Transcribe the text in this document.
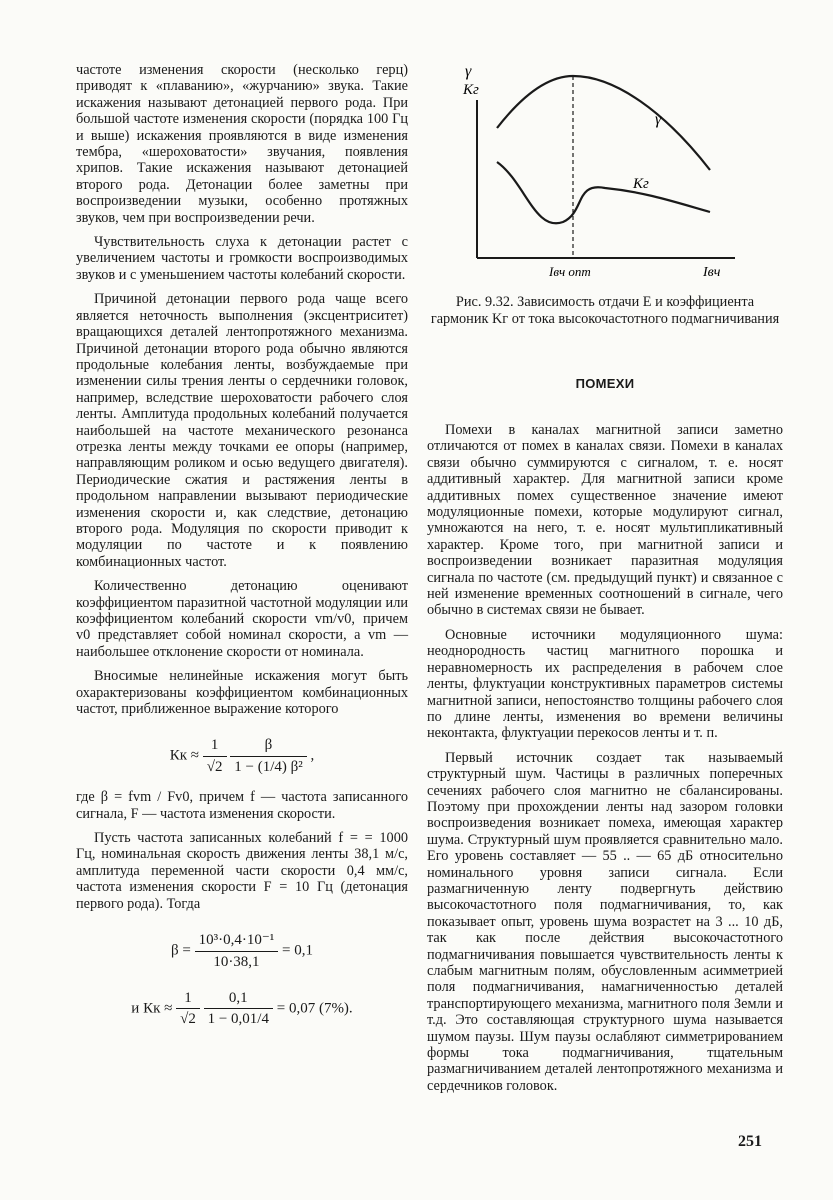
частоте изменения скорости (несколько герц) приводят к «плаванию», «журчанию» звука. Такие искажения называют детонацией первого рода. При большой частоте изменения скорости (порядка 100 Гц и выше) искажения проявляются в виде изменения тембра, «шероховатости» звучания, появления хрипов. Такие искажения называют детонацией второго рода. Детонации более заметны при воспроизведении музыки, особенно протяжных звуков, чем при воспроизведении речи.

Чувствительность слуха к детонации растет с увеличением частоты и громкости воспроизводимых звуков и с уменьшением частоты колебаний скорости.

Причиной детонации первого рода чаще всего является неточность выполнения (эксцентриситет) вращающихся деталей лентопротяжного механизма. Причиной детонации второго рода обычно являются продольные колебания ленты, возбуждаемые при изменении силы трения ленты о сердечники головок, например, вследствие шероховатости рабочего слоя ленты. Амплитуда продольных колебаний получается наибольшей на частоте механического резонанса отрезка ленты между точками ее опоры (например, направляющим роликом и осью ведущего двигателя). Периодические сжатия и растяжения ленты в продольном направлении вызывают периодические изменения скорости и, как следствие, детонацию второго рода. Модуляция по скорости приводит к модуляции по частоте и к появлению комбинационных частот.

Количественно детонацию оценивают коэффициентом паразитной частотной модуляции или коэффициентом колебаний скорости vm/v0, причем v0 представляет собой номинал скорости, а vm — наибольшее отклонение скорости от номинала.

Вносимые нелинейные искажения могут быть охарактеризованы коэффициентом комбинационных частот, приближенное выражение которого

Кк ≈ $\frac{1}{√2}$
$\frac{\beta}{\text{1 − (1/4) β²}}$ ,

где β = fvm / Fv0, причем f — частота записанного сигнала, F — частота изменения скорости.

Пусть частота записанных колебаний f = = 1000 Гц, номинальная скорость движения ленты 38,1 м/с, амплитуда переменной части скорости 0,4 мм/с, частота изменения скорости F = 10 Гц (детонация первого рода). Тогда

$\beta = \frac{\text{10³·0,4·10⁻¹}}{10\cdot 38,1} = 0,1$
и Кк ≈ $\frac{1}{√2}$
$\frac{0,1}{1 - 0,01/4} = 0,07$ (7%).
γ
Kг
γ
Kг
Iвч опт	Iвч
Рис. 9.32. Зависимость отдачи E и коэффициента гармоник Kг от тока высокочастотного подмагничивания
ПОМЕХИ

Помехи в каналах магнитной записи заметно отличаются от помех в каналах связи. Помехи в каналах связи обычно суммируются с сигналом, т. е. носят аддитивный характер. Для магнитной записи кроме аддитивных помех существенное значение имеют модуляционные помехи, которые модулируют сигнал, умножаются на него, т. е. носят мультипликативный характер. Кроме того, при магнитной записи и воспроизведении возникает паразитная модуляция сигнала по частоте (см. предыдущий пункт) и связанное с ней изменение временных соотношений в сигнале, чего обычно в системах связи не бывает.

Основные источники модуляционного шума: неоднородность частиц магнитного порошка и неравномерность их распределения в рабочем слое ленты, флуктуации конструктивных параметров системы магнитной записи, непостоянство толщины рабочего слоя по длине ленты, изменения во времени величины неконтакта, флуктуации перекосов ленты и т. п.

Первый источник создает так называемый структурный шум. Частицы в различных поперечных сечениях рабочего слоя магнитно не сбалансированы. Поэтому при прохождении ленты над зазором головки воспроизведения возникает помеха, имеющая характер шума. Структурный шум проявляется сравнительно мало. Его уровень составляет — 55 .. — 65 дБ относительно номинального уровня записи сигнала. Если размагниченную ленту подвергнуть действию высокочастотного поля подмагничивания, то, как показывает опыт, уровень шума возрастет на 3 ... 10 дБ, так как после действия высокочастотного подмагничивания повышается чувствительность ленты к слабым магнитным полям, обусловленным асимметрией поля подмагничивания, намагниченностью деталей транспортирующего механизма, магнитного поля Земли и т.д. Это составляющая структурного шума называется шумом паузы. Шум паузы ослабляют симметрированием формы тока подмагничивания, тщательным размагничиванием деталей лентопротяжного механизма и сердечников головок.

251
